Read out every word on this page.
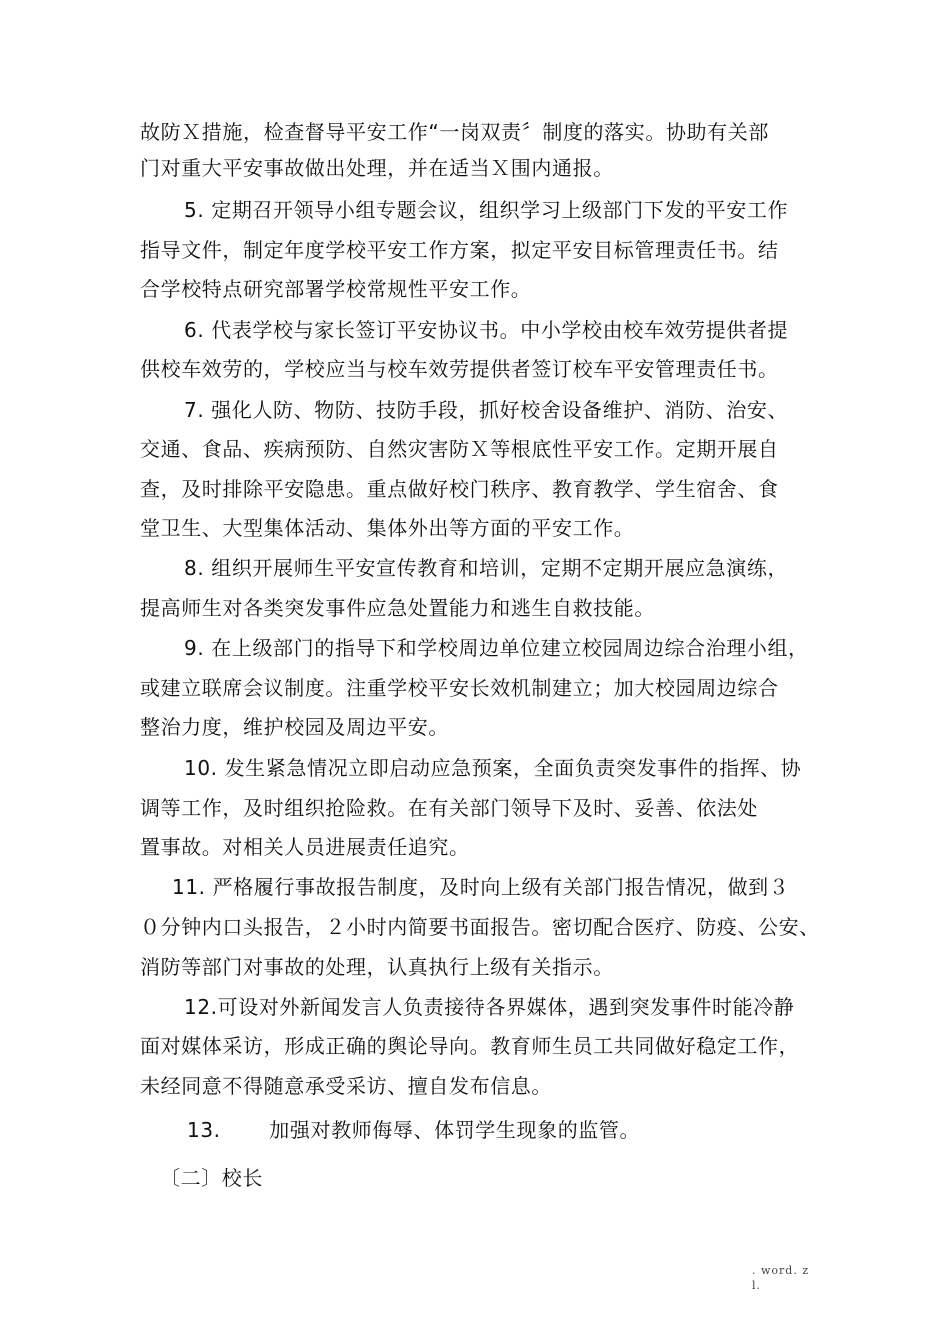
故防Ｘ措施，检查督导平安工作“一岗双责〞制度的落实。协助有关部
门对重大平安事故做出处理，并在适当Ｘ围内通报。
5. 定期召开领导小组专题会议，组织学习上级部门下发的平安工作
指导文件，制定年度学校平安工作方案，拟定平安目标管理责任书。结
合学校特点研究部署学校常规性平安工作。
6. 代表学校与家长签订平安协议书。中小学校由校车效劳提供者提
供校车效劳的，学校应当与校车效劳提供者签订校车平安管理责任书。
7. 强化人防、物防、技防手段，抓好校舍设备维护、消防、治安、
交通、食品、疾病预防、自然灾害防Ｘ等根底性平安工作。定期开展自
查，及时排除平安隐患。重点做好校门秩序、教育教学、学生宿舍、食
堂卫生、大型集体活动、集体外出等方面的平安工作。
8. 组织开展师生平安宣传教育和培训，定期不定期开展应急演练，
提高师生对各类突发事件应急处置能力和逃生自救技能。
9. 在上级部门的指导下和学校周边单位建立校园周边综合治理小组，
或建立联席会议制度。注重学校平安长效机制建立；加大校园周边综合
整治力度，维护校园及周边平安。
10. 发生紧急情况立即启动应急预案，全面负责突发事件的指挥、协
调等工作，及时组织抢险救。在有关部门领导下及时、妥善、依法处
置事故。对相关人员进展责任追究。
11. 严格履行事故报告制度，及时向上级有关部门报告情况，做到３
０分钟内口头报告，２小时内简要书面报告。密切配合医疗、防疫、公安、
消防等部门对事故的处理，认真执行上级有关指示。
12.可设对外新闻发言人负责接待各界媒体，遇到突发事件时能冷静
面对媒体采访，形成正确的舆论导向。教育师生员工共同做好稳定工作，
未经同意不得随意承受采访、擅自发布信息。
13.       加强对教师侮辱、体罚学生现象的监管。
〔二〕校长
. word. z
l.
